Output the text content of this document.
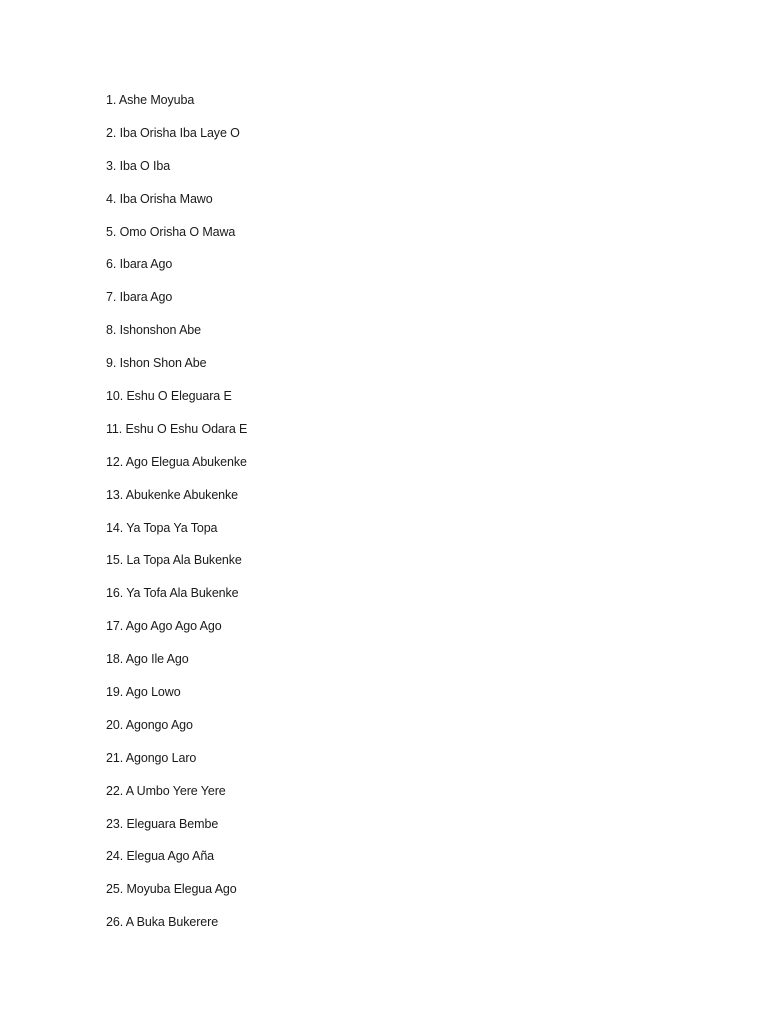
1. Ashe Moyuba
2. Iba Orisha Iba Laye O
3. Iba O Iba
4. Iba Orisha Mawo
5. Omo Orisha O Mawa
6. Ibara Ago
7. Ibara Ago
8. Ishonshon Abe
9. Ishon Shon Abe
10. Eshu O Eleguara E
11. Eshu O Eshu Odara E
12. Ago Elegua Abukenke
13. Abukenke Abukenke
14. Ya Topa Ya Topa
15. La Topa Ala Bukenke
16. Ya Tofa Ala Bukenke
17. Ago Ago Ago Ago
18. Ago Ile Ago
19. Ago Lowo
20. Agongo Ago
21. Agongo Laro
22. A Umbo Yere Yere
23. Eleguara Bembe
24. Elegua Ago Aña
25. Moyuba Elegua Ago
26. A Buka Bukerere
